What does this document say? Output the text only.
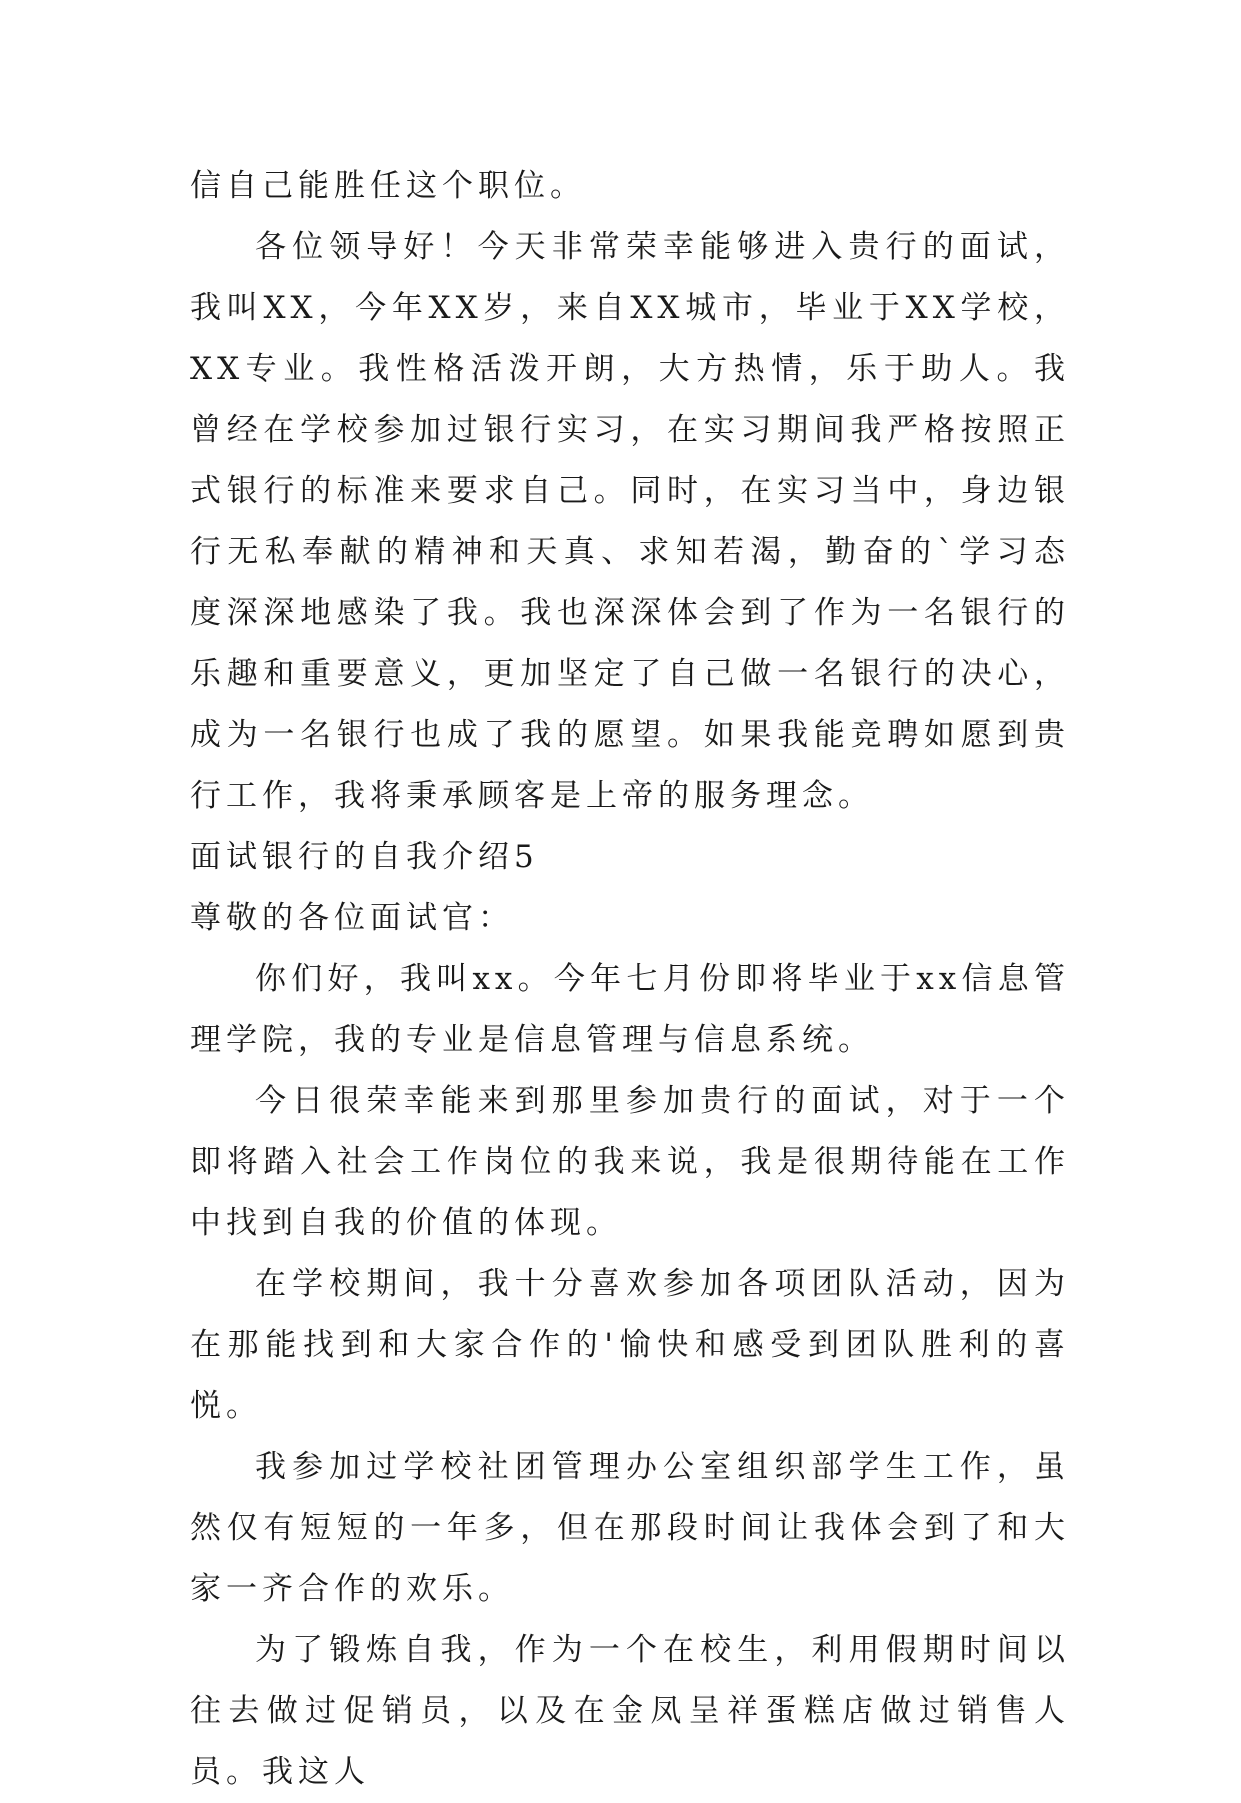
信自己能胜任这个职位。

各位领导好！今天非常荣幸能够进入贵行的面试，我叫XX，今年XX岁，来自XX城市，毕业于XX学校，XX专业。我性格活泼开朗，大方热情，乐于助人。我曾经在学校参加过银行实习，在实习期间我严格按照正式银行的标准来要求自己。同时，在实习当中，身边银行无私奉献的精神和天真、求知若渴，勤奋的`学习态度深深地感染了我。我也深深体会到了作为一名银行的乐趣和重要意义，更加坚定了自己做一名银行的决心，成为一名银行也成了我的愿望。如果我能竞聘如愿到贵行工作，我将秉承顾客是上帝的服务理念。

面试银行的自我介绍5

尊敬的各位面试官：

你们好，我叫xx。今年七月份即将毕业于xx信息管理学院，我的专业是信息管理与信息系统。

今日很荣幸能来到那里参加贵行的面试，对于一个即将踏入社会工作岗位的我来说，我是很期待能在工作中找到自我的价值的体现。

在学校期间，我十分喜欢参加各项团队活动，因为在那能找到和大家合作的'愉快和感受到团队胜利的喜悦。

我参加过学校社团管理办公室组织部学生工作，虽然仅有短短的一年多，但在那段时间让我体会到了和大家一齐合作的欢乐。

为了锻炼自我，作为一个在校生，利用假期时间以往去做过促销员，以及在金凤呈祥蛋糕店做过销售人员。我这人
